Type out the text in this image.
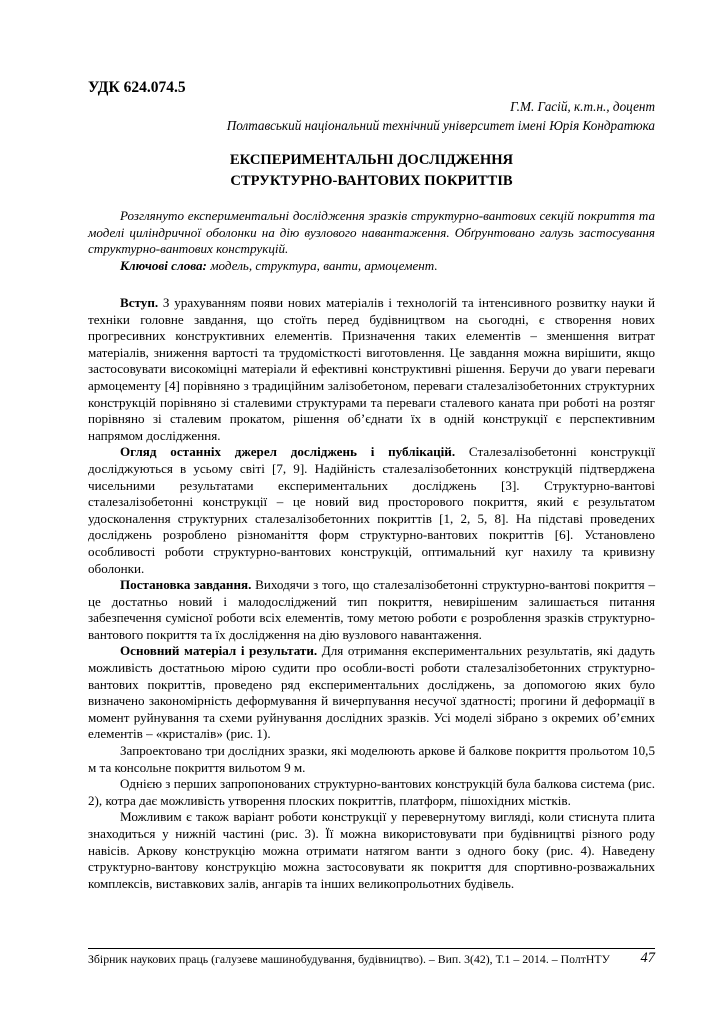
УДК 624.074.5
Г.М. Гасій, к.т.н., доцент
Полтавський національний технічний університет імені Юрія Кондратюка
ЕКСПЕРИМЕНТАЛЬНІ ДОСЛІДЖЕННЯ
СТРУКТУРНО-ВАНТОВИХ ПОКРИТТІВ

Розглянуто експериментальні дослідження зразків структурно-вантових секцій покриття та моделі циліндричної оболонки на дію вузлового навантаження. Обґрунтовано галузь застосування структурно-вантових конструкцій.

Ключові слова: модель, структура, ванти, армоцемент.

Вступ. З урахуванням появи нових матеріалів і технологій та інтенсивного розвитку науки й техніки головне завдання, що стоїть перед будівництвом на сьогодні, є створення нових прогресивних конструктивних елементів. Призначення таких елементів – зменшення витрат матеріалів, зниження вартості та трудомісткості виготовлення. Це завдання можна вирішити, якщо застосовувати високоміцні матеріали й ефективні конструктивні рішення. Беручи до уваги переваги армоцементу [4] порівняно з традиційним залізобетоном, переваги сталезалізобетонних структурних конструкцій порівняно зі сталевими структурами та переваги сталевого каната при роботі на розтяг порівняно зі сталевим прокатом, рішення об’єднати їх в одній конструкції є перспективним напрямом дослідження.

Огляд останніх джерел досліджень і публікацій. Сталезалізобетонні конструкції досліджуються в усьому світі [7, 9]. Надійність сталезалізобетонних конструкцій підтверджена чисельними результатами експериментальних досліджень [3]. Структурно-вантові сталезалізобетонні конструкції – це новий вид просторового покриття, який є результатом удосконалення структурних сталезалізобетонних покриттів [1, 2, 5, 8]. На підставі проведених досліджень розроблено різноманіття форм структурно-вантових покриттів [6]. Установлено особливості роботи структурно-вантових конструкцій, оптимальний куг нахилу та кривизну оболонки.

Постановка завдання. Виходячи з того, що сталезалізобетонні структурно-вантові покриття – це достатньо новий і малодосліджений тип покриття, невирішеним залишається питання забезпечення сумісної роботи всіх елементів, тому метою роботи є розроблення зразків структурно-вантового покриття та їх дослідження на дію вузлового навантаження.

Основний матеріал і результати. Для отримання експериментальних результатів, які дадуть можливість достатньою мірою судити про особли-вості роботи сталезалізобетонних структурно-вантових покриттів, проведено ряд експериментальних досліджень, за допомогою яких було визначено закономірність деформування й вичерпування несучої здатності; прогини й деформації в момент руйнування та схеми руйнування дослідних зразків. Усі моделі зібрано з окремих об’ємних елементів – «кристалів» (рис. 1).

Запроектовано три дослідних зразки, які моделюють аркове й балкове покриття прольотом 10,5 м та консольне покриття вильотом 9 м.

Однією з перших запропонованих структурно-вантових конструкцій була балкова система (рис. 2), котра дає можливість утворення плоских покриттів, платформ, пішохідних містків.

Можливим є також варіант роботи конструкції у перевернутому вигляді, коли стиснута плита знаходиться у нижній частині (рис. 3). Її можна використовувати при будівництві різного роду навісів. Аркову конструкцію можна отримати натягом ванти з одного боку (рис. 4). Наведену структурно-вантову конструкцію можна застосовувати як покриття для спортивно-розважальних комплексів, виставкових залів, ангарів та інших великопрольотних будівель.

Збірник наукових праць (галузеве машинобудування, будівництво). – Вип. 3(42), Т.1 – 2014. – ПолтНТУ	47
